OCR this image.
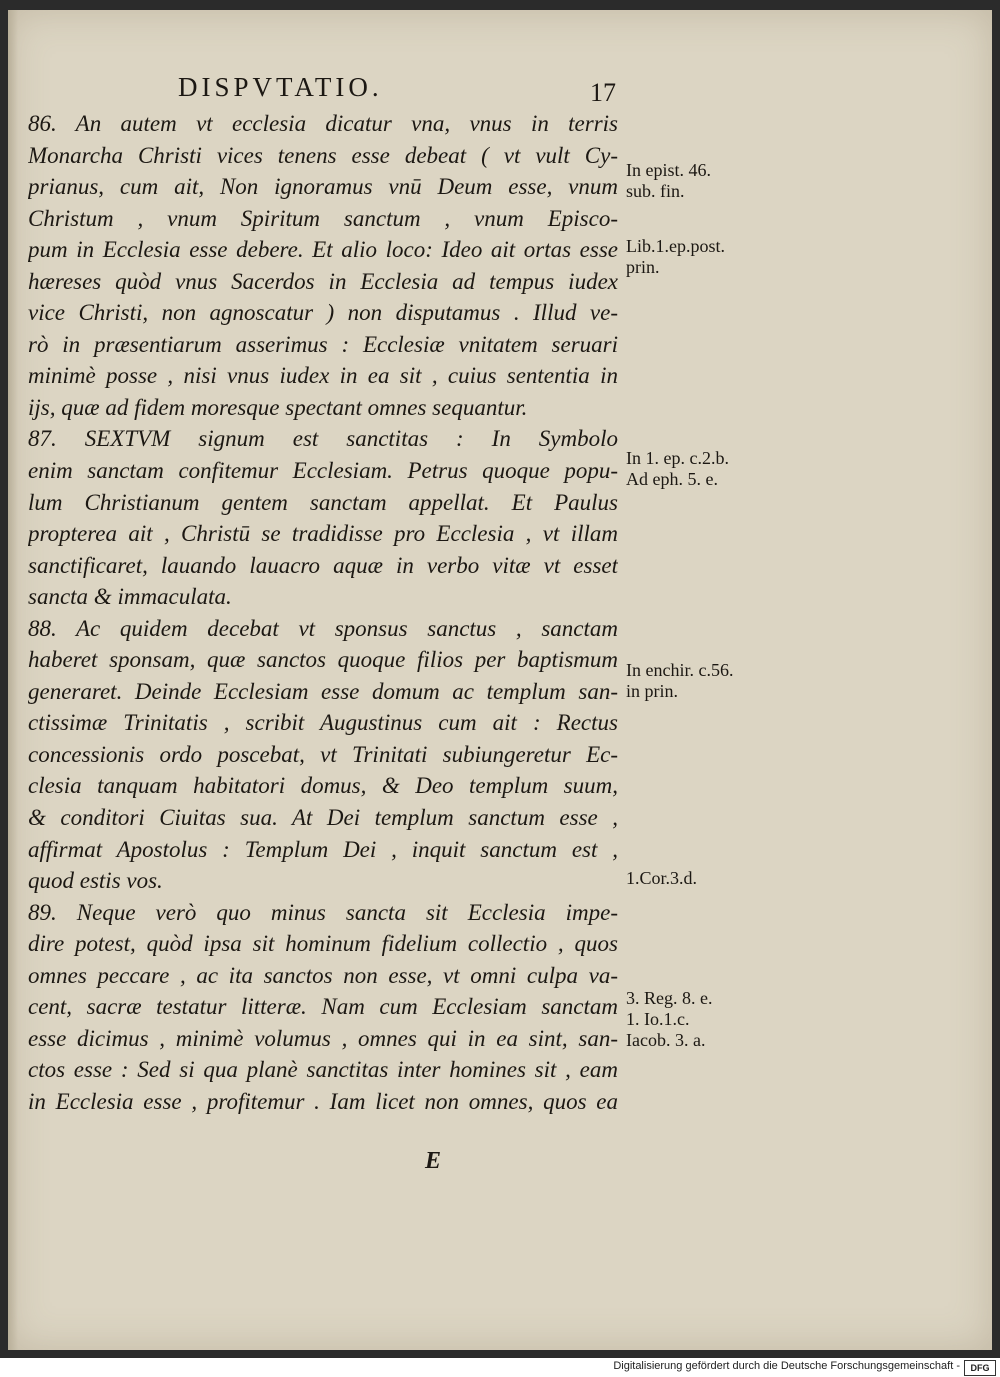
DISPVTATIO.	17
86. An autem vt ecclesia dicatur vna, vnus in terris
Monarcha Christi vices tenens esse debeat ( vt vult Cy-
prianus, cum ait, Non ignoramus vnū Deum esse, vnum
Christum , vnum Spiritum sanctum , vnum Episco-
pum in Ecclesia esse debere. Et alio loco: Ideo ait ortas esse
hæreses quòd vnus Sacerdos in Ecclesia ad tempus iudex
vice Christi, non agnoscatur ) non disputamus . Illud ve-
rò in præsentiarum asserimus : Ecclesiæ vnitatem seruari
minimè posse , nisi vnus iudex in ea sit , cuius sententia in
ijs, quæ ad fidem moresque spectant omnes sequantur.
87. SEXTVM signum est sanctitas : In Symbolo
enim sanctam confitemur Ecclesiam. Petrus quoque popu-
lum Christianum gentem sanctam appellat. Et Paulus
propterea ait , Christū se tradidisse pro Ecclesia , vt illam
sanctificaret, lauando lauacro aquæ in verbo vitæ vt esset
sancta & immaculata.
88. Ac quidem decebat vt sponsus sanctus , sanctam
haberet sponsam, quæ sanctos quoque filios per baptismum
generaret. Deinde Ecclesiam esse domum ac templum san-
ctissimæ Trinitatis , scribit Augustinus cum ait : Rectus
concessionis ordo poscebat, vt Trinitati subiungeretur Ec-
clesia tanquam habitatori domus, & Deo templum suum,
& conditori Ciuitas sua. At Dei templum sanctum esse ,
affirmat Apostolus : Templum Dei , inquit sanctum est ,
quod estis vos.
89. Neque verò quo minus sancta sit Ecclesia impe-
dire potest, quòd ipsa sit hominum fidelium collectio , quos
omnes peccare , ac ita sanctos non esse, vt omni culpa va-
cent, sacræ testatur litteræ. Nam cum Ecclesiam sanctam
esse dicimus , minimè volumus , omnes qui in ea sint, san-
ctos esse : Sed si qua planè sanctitas inter homines sit , eam
in Ecclesia esse , profitemur . Iam licet non omnes, quos ea
In epist. 46.
sub. fin.
Lib.1.ep.post.
prin.
In 1. ep. c.2.b.
Ad eph. 5. e.
In enchir. c.56.
in prin.
1.Cor.3.d.
3. Reg. 8. e.
1. Io.1.c.
Iacob. 3. a.
E
Digitalisierung gefördert durch die Deutsche Forschungsgemeinschaft -	DFG
